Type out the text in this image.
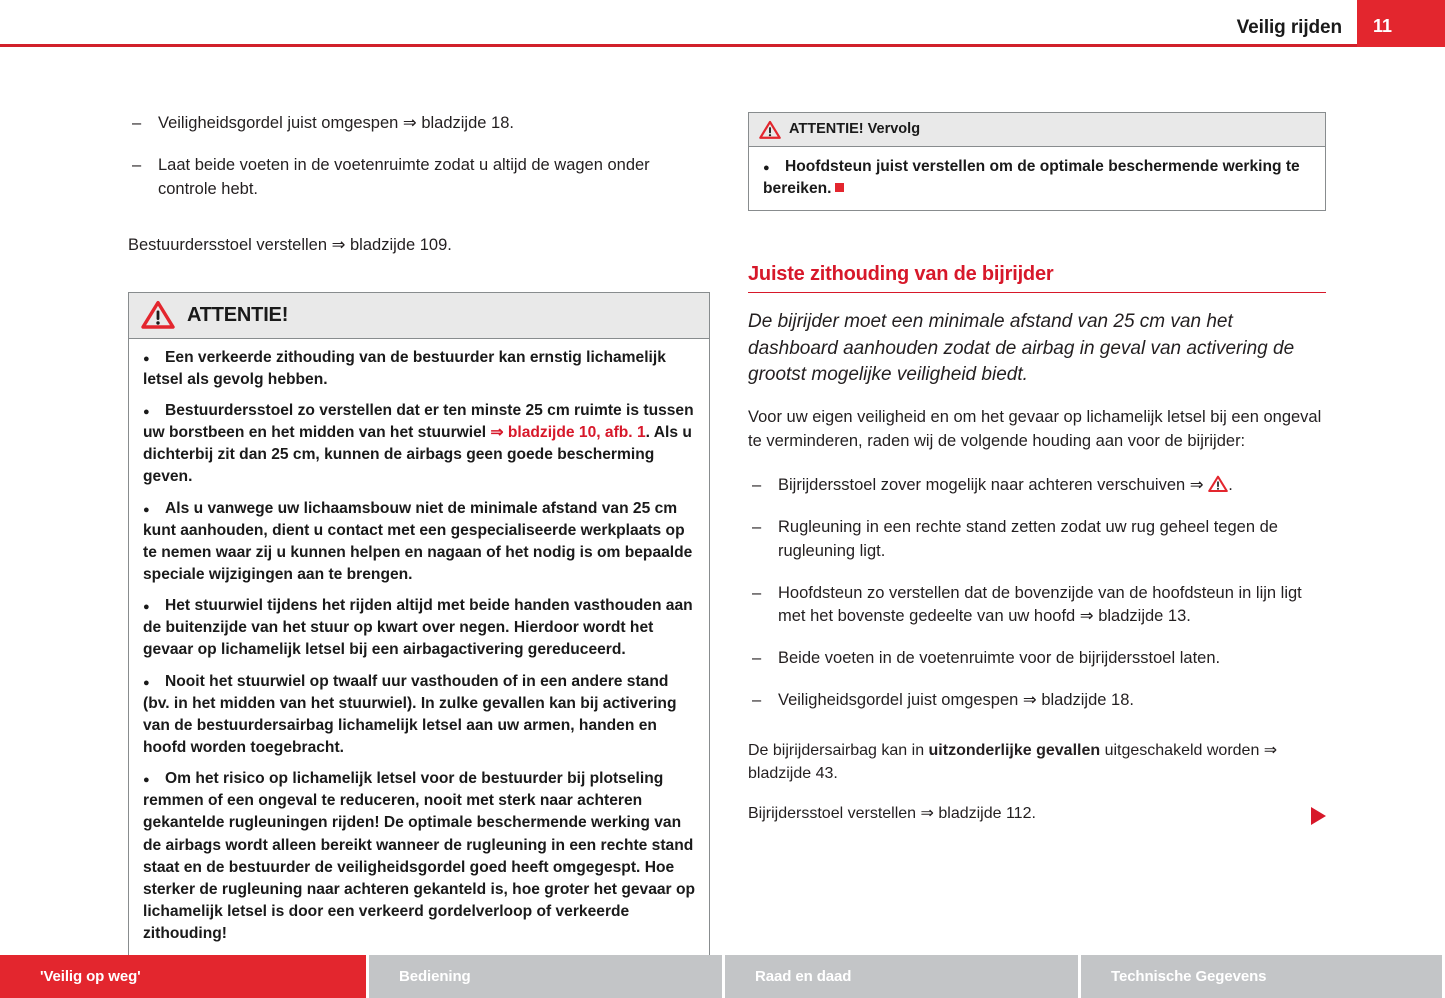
Veilig rijden 11
– Veiligheidsgordel juist omgespen ⇒ bladzijde 18.
– Laat beide voeten in de voetenruimte zodat u altijd de wagen onder controle hebt.
Bestuurdersstoel verstellen ⇒ bladzijde 109.
ATTENTIE!
●Een verkeerde zithouding van de bestuurder kan ernstig lichamelijk letsel als gevolg hebben.
●Bestuurdersstoel zo verstellen dat er ten minste 25 cm ruimte is tussen uw borstbeen en het midden van het stuurwiel ⇒ bladzijde 10, afb. 1. Als u dichterbij zit dan 25 cm, kunnen de airbags geen goede bescherming geven.
●Als u vanwege uw lichaamsbouw niet de minimale afstand van 25 cm kunt aanhouden, dient u contact met een gespecialiseerde werkplaats op te nemen waar zij u kunnen helpen en nagaan of het nodig is om bepaalde speciale wijzigingen aan te brengen.
●Het stuurwiel tijdens het rijden altijd met beide handen vasthouden aan de buitenzijde van het stuur op kwart over negen. Hierdoor wordt het gevaar op lichamelijk letsel bij een airbagactivering gereduceerd.
●Nooit het stuurwiel op twaalf uur vasthouden of in een andere stand (bv. in het midden van het stuurwiel). In zulke gevallen kan bij activering van de bestuurdersairbag lichamelijk letsel aan uw armen, handen en hoofd worden toegebracht.
●Om het risico op lichamelijk letsel voor de bestuurder bij plotseling remmen of een ongeval te reduceren, nooit met sterk naar achteren gekantelde rugleuningen rijden! De optimale beschermende werking van de airbags wordt alleen bereikt wanneer de rugleuning in een rechte stand staat en de bestuurder de veiligheidsgordel goed heeft omgegespt. Hoe sterker de rugleuning naar achteren gekanteld is, hoe groter het gevaar op lichamelijk letsel is door een verkeerd gordelverloop of verkeerde zithouding!
ATTENTIE! Vervolg
●Hoofdsteun juist verstellen om de optimale beschermende werking te bereiken.
Juiste zithouding van de bijrijder
De bijrijder moet een minimale afstand van 25 cm van het dashboard aanhouden zodat de airbag in geval van activering de grootst mogelijke veiligheid biedt.
Voor uw eigen veiligheid en om het gevaar op lichamelijk letsel bij een ongeval te verminderen, raden wij de volgende houding aan voor de bijrijder:
– Bijrijdersstoel zover mogelijk naar achteren verschuiven ⇒ .
– Rugleuning in een rechte stand zetten zodat uw rug geheel tegen de rugleuning ligt.
– Hoofdsteun zo verstellen dat de bovenzijde van de hoofdsteun in lijn ligt met het bovenste gedeelte van uw hoofd ⇒ bladzijde 13.
– Beide voeten in de voetenruimte voor de bijrijdersstoel laten.
– Veiligheidsgordel juist omgespen ⇒ bladzijde 18.
De bijrijdersairbag kan in uitzonderlijke gevallen uitgeschakeld worden ⇒ bladzijde 43.
Bijrijdersstoel verstellen ⇒ bladzijde 112.
'Veilig op weg'	Bediening	Raad en daad	Technische Gegevens
